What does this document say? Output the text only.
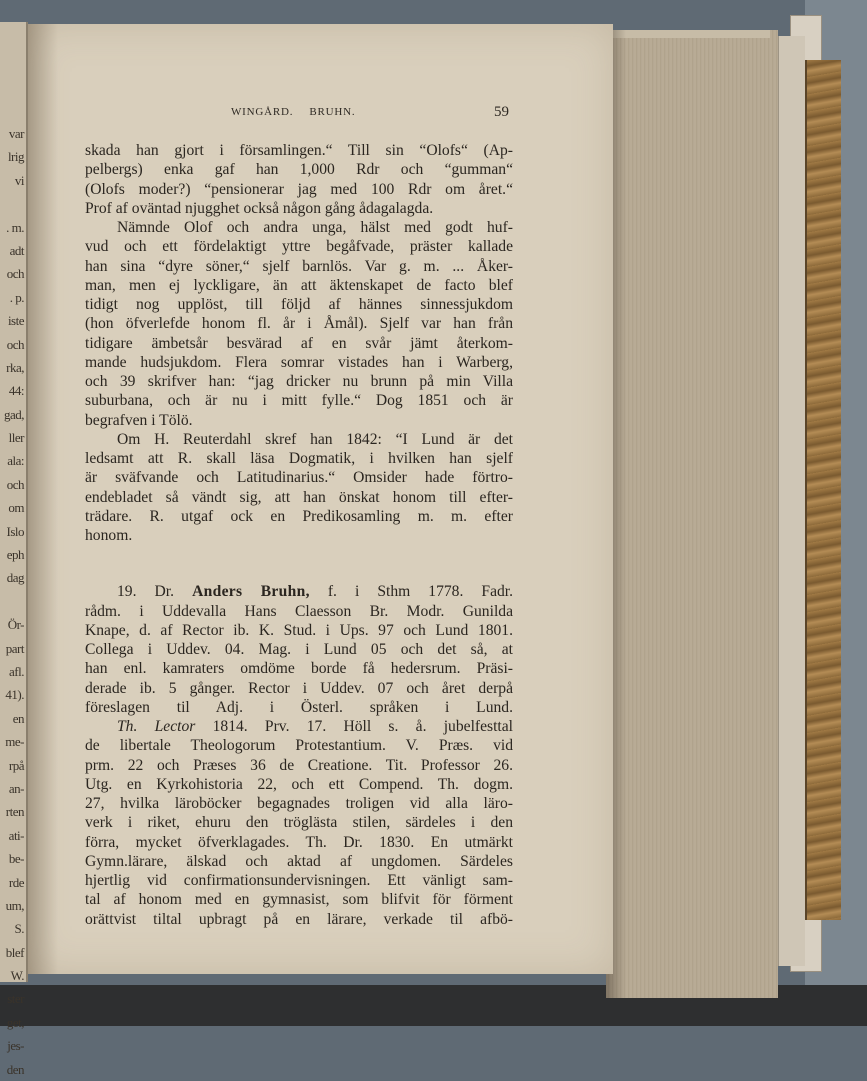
var
lrig
vi
. m.
adt
och
. p.
iste
och
rka,
44:
gad,
ller
ala:
och
om
Islo
eph
dag
Ör-
part
afl.
41).
en
me-
rpå
an-
rten
ati-
be-
rde
um,
S.
blef
W.
ster
get,
jes-
den
WINGÅRD. BRUHN.	59
skada han gjort i församlingen.“ Till sin “Olofs“ (Ap-
pelbergs) enka gaf han 1,000 Rdr och “gumman“
(Olofs moder?) “pensionerar jag med 100 Rdr om året.“
Prof af oväntad njugghet också någon gång ådagalagda.
Nämnde Olof och andra unga, hälst med godt huf-
vud och ett fördelaktigt yttre begåfvade, präster kallade
han sina “dyre söner,“ sjelf barnlös. Var g. m. ... Åker-
man, men ej lyckligare, än att äktenskapet de facto blef
tidigt nog upplöst, till följd af hännes sinnessjukdom
(hon öfverlefde honom fl. år i Åmål). Sjelf var han från
tidigare ämbetsår besvärad af en svår jämt återkom-
mande hudsjukdom. Flera somrar vistades han i Warberg,
och 39 skrifver han: “jag dricker nu brunn på min Villa
suburbana, och är nu i mitt fylle.“ Dog 1851 och är
begrafven i Tölö.
Om H. Reuterdahl skref han 1842: “I Lund är det
ledsamt att R. skall läsa Dogmatik, i hvilken han sjelf
är sväfvande och Latitudinarius.“ Omsider hade förtro-
endebladet så vändt sig, att han önskat honom till efter-
trädare. R. utgaf ock en Predikosamling m. m. efter
honom.
19. Dr. Anders Bruhn, f. i Sthm 1778. Fadr.
rådm. i Uddevalla Hans Claesson Br. Modr. Gunilda
Knape, d. af Rector ib. K. Stud. i Ups. 97 och Lund 1801.
Collega i Uddev. 04. Mag. i Lund 05 och det så, at
han enl. kamraters omdöme borde få hedersrum. Präsi-
derade ib. 5 gånger. Rector i Uddev. 07 och året derpå
föreslagen til Adj. i Österl. språken i Lund.
Th. Lector 1814. Prv. 17. Höll s. å. jubelfesttal
de libertale Theologorum Protestantium. V. Præs. vid
prm. 22 och Præses 36 de Creatione. Tit. Professor 26.
Utg. en Kyrkohistoria 22, och ett Compend. Th. dogm.
27, hvilka läroböcker begagnades troligen vid alla läro-
verk i riket, ehuru den tröglästa stilen, särdeles i den
förra, mycket öfverklagades. Th. Dr. 1830. En utmärkt
Gymn.lärare, älskad och aktad af ungdomen. Särdeles
hjertlig vid confirmationsundervisningen. Ett vänligt sam-
tal af honom med en gymnasist, som blifvit för förment
orättvist tiltal upbragt på en lärare, verkade til afbö-
